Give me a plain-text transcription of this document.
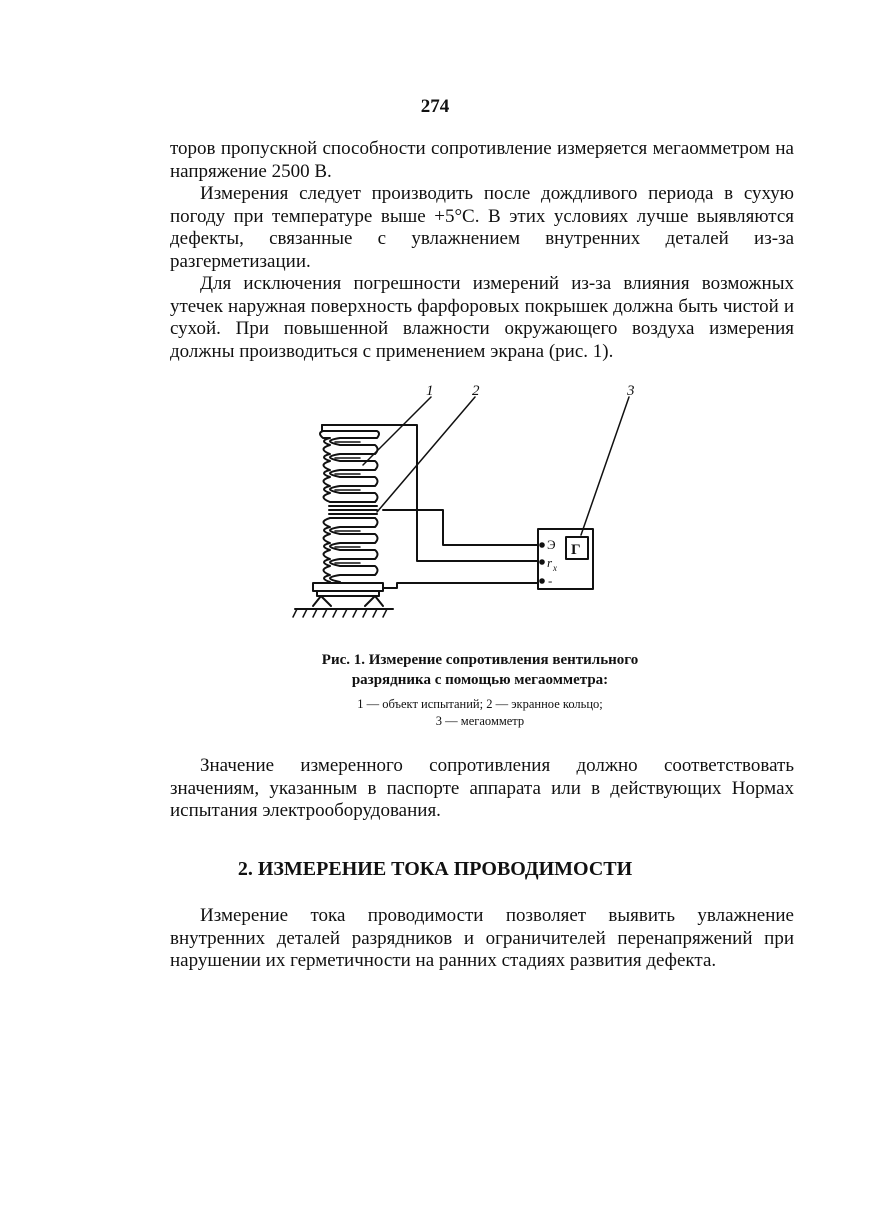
274

торов пропускной способности сопротивление измеряется мегаомметром на напряжение 2500 В.

Измерения следует производить после дождливого периода в сухую погоду при температуре выше +5°С. В этих условиях лучше выявляются дефекты, связанные с увлажнением внутренних деталей из-за разгерметизации.

Для исключения погрешности измерений из-за влияния возможных утечек наружная поверхность фарфоровых покрышек должна быть чистой и сухой. При повышенной влажности окружающего воздуха измерения должны производиться с применением экрана (рис. 1).

1	2	3
Э
r x
-
Г

Рис. 1. Измерение сопротивления вентильного

разрядника с помощью мегаомметра:

1 — объект испытаний; 2 — экранное кольцо;

3 — мегаомметр

Значение измеренного сопротивления должно соответствовать значениям, указанным в паспорте аппарата или в действующих Нормах испытания электрооборудования.

2. ИЗМЕРЕНИЕ ТОКА ПРОВОДИМОСТИ

Измерение тока проводимости позволяет выявить увлажнение внутренних деталей разрядников и ограничителей перенапряжений при нарушении их герметичности на ранних стадиях развития дефекта.
